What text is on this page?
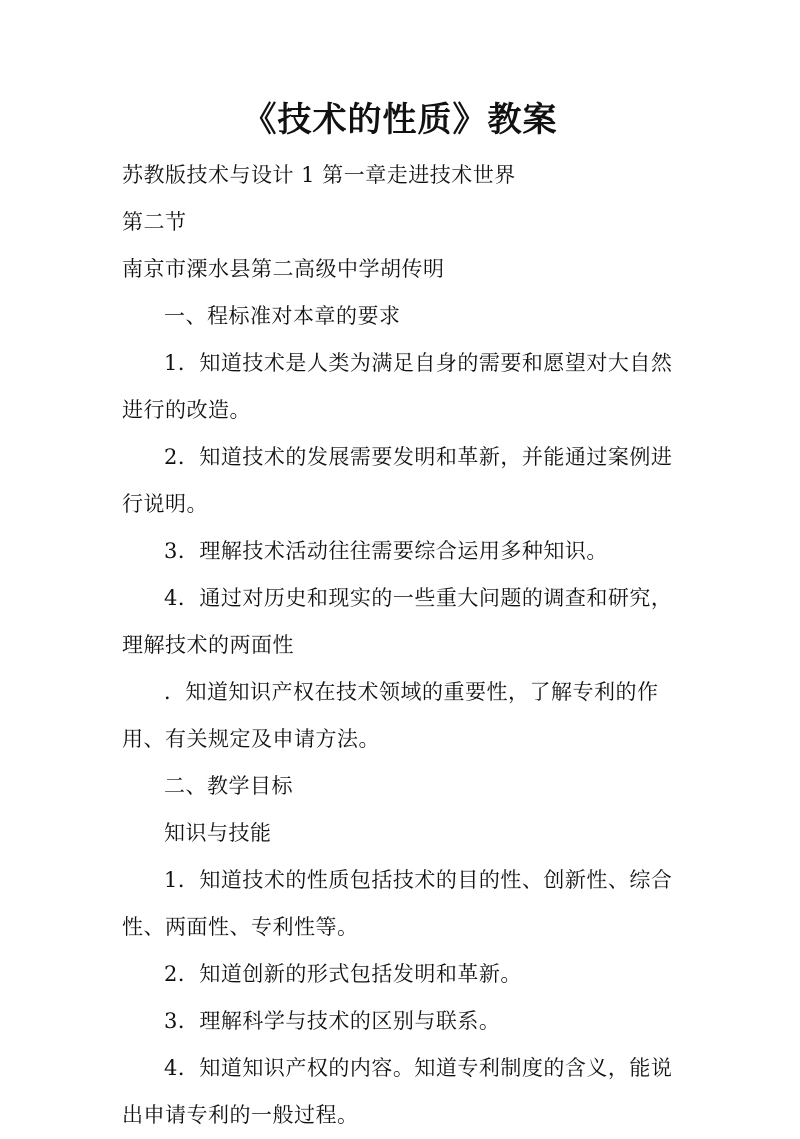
《技术的性质》教案

苏教版技术与设计 1 第一章走进技术世界

第二节

南京市溧水县第二高级中学胡传明

一、程标准对本章的要求

1．知道技术是人类为满足自身的需要和愿望对大自然进行的改造。

2．知道技术的发展需要发明和革新，并能通过案例进行说明。

3．理解技术活动往往需要综合运用多种知识。

4．通过对历史和现实的一些重大问题的调查和研究，理解技术的两面性

．知道知识产权在技术领域的重要性，了解专利的作用、有关规定及申请方法。

二、教学目标

知识与技能

1．知道技术的性质包括技术的目的性、创新性、综合性、两面性、专利性等。

2．知道创新的形式包括发明和革新。

3．理解科学与技术的区别与联系。

4．知道知识产权的内容。知道专利制度的含义，能说出申请专利的一般过程。
